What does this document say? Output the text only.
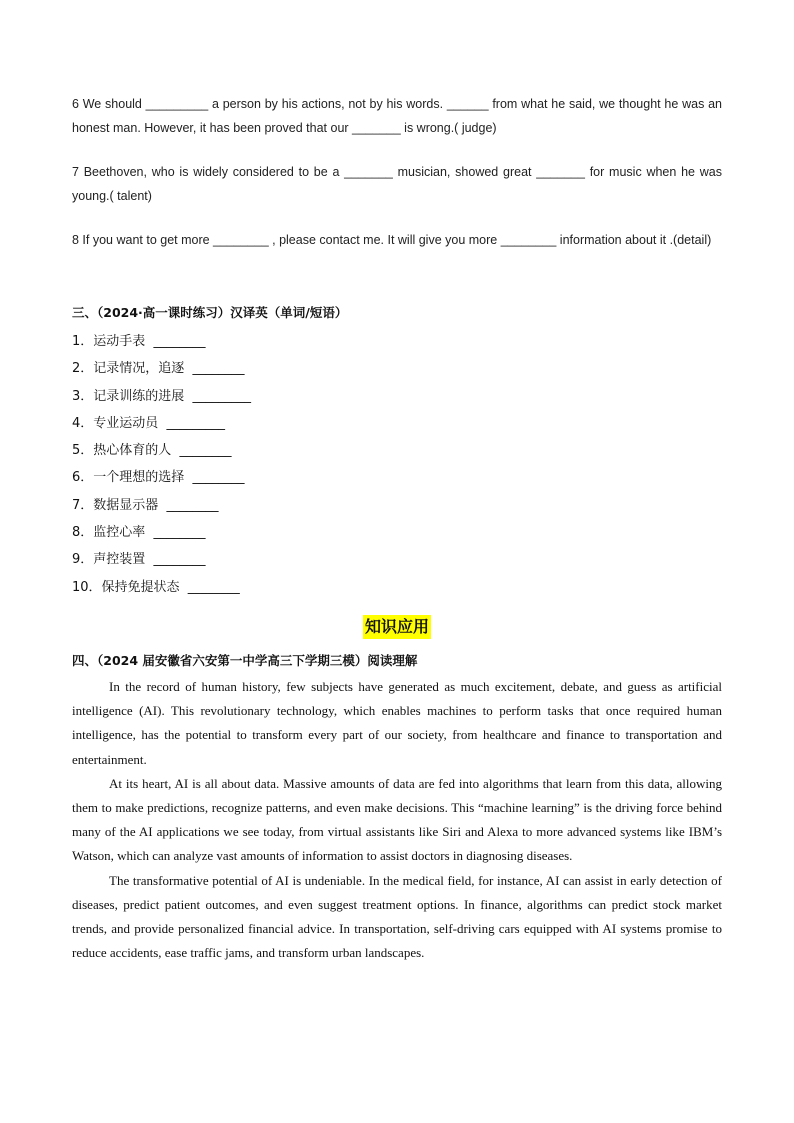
6 We should _________ a person by his actions, not by his words. ______ from what he said, we thought he was an honest man. However, it has been proved that our _______ is wrong.( judge)

7 Beethoven, who is widely considered to be a _______ musician, showed great _______ for music when he was young.( talent)

8 If you want to get more ________ , please contact me. It will give you more ________ information about it .(detail)

三、（2024·高一课时练习）汉译英（单词/短语）
1．运动手表  ________
2．记录情况，追逐  ________
3．记录训练的进展  _________
4．专业运动员  _________
5．热心体育的人  ________
6．一个理想的选择  ________
7．数据显示器  ________
8．监控心率  ________
9．声控装置  ________
10．保持免提状态  ________
知识应用
四、（2024 届安徽省六安第一中学高三下学期三模）阅读理解

In the record of human history, few subjects have generated as much excitement, debate, and guess as artificial intelligence (AI). This revolutionary technology, which enables machines to perform tasks that once required human intelligence, has the potential to transform every part of our society, from healthcare and finance to transportation and entertainment.

At its heart, AI is all about data. Massive amounts of data are fed into algorithms that learn from this data, allowing them to make predictions, recognize patterns, and even make decisions. This “machine learning” is the driving force behind many of the AI applications we see today, from virtual assistants like Siri and Alexa to more advanced systems like IBM’s Watson, which can analyze vast amounts of information to assist doctors in diagnosing diseases.

The transformative potential of AI is undeniable. In the medical field, for instance, AI can assist in early detection of diseases, predict patient outcomes, and even suggest treatment options. In finance, algorithms can predict stock market trends, and provide personalized financial advice. In transportation, self-driving cars equipped with AI systems promise to reduce accidents, ease traffic jams, and transform urban landscapes.
